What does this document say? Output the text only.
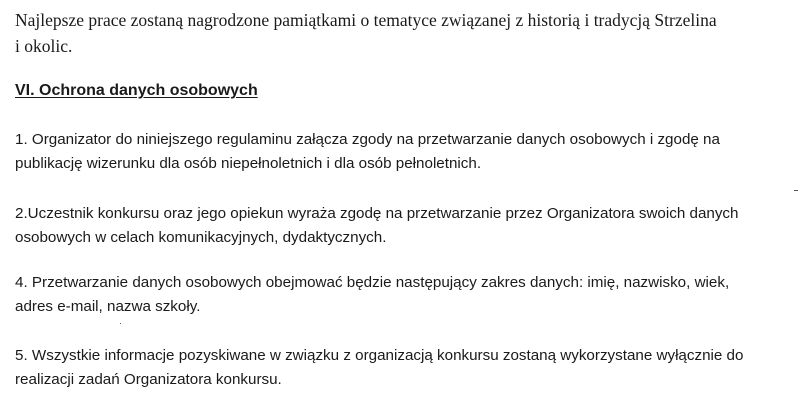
Najlepsze prace zostaną nagrodzone pamiątkami o tematyce związanej z historią i tradycją Strzelina
i okolic.

VI. Ochrona danych osobowych

1. Organizator do niniejszego regulaminu załącza zgody na przetwarzanie danych osobowych i zgodę na
publikację wizerunku dla osób niepełnoletnich i dla osób pełnoletnich.

2.Uczestnik konkursu oraz jego opiekun wyraża zgodę na przetwarzanie przez Organizatora swoich danych
osobowych w celach komunikacyjnych, dydaktycznych.

4. Przetwarzanie danych osobowych obejmować będzie następujący zakres danych: imię, nazwisko, wiek,
adres e-mail, nazwa szkoły.

5. Wszystkie informacje pozyskiwane w związku z organizacją konkursu zostaną wykorzystane wyłącznie do
realizacji zadań Organizatora konkursu.
